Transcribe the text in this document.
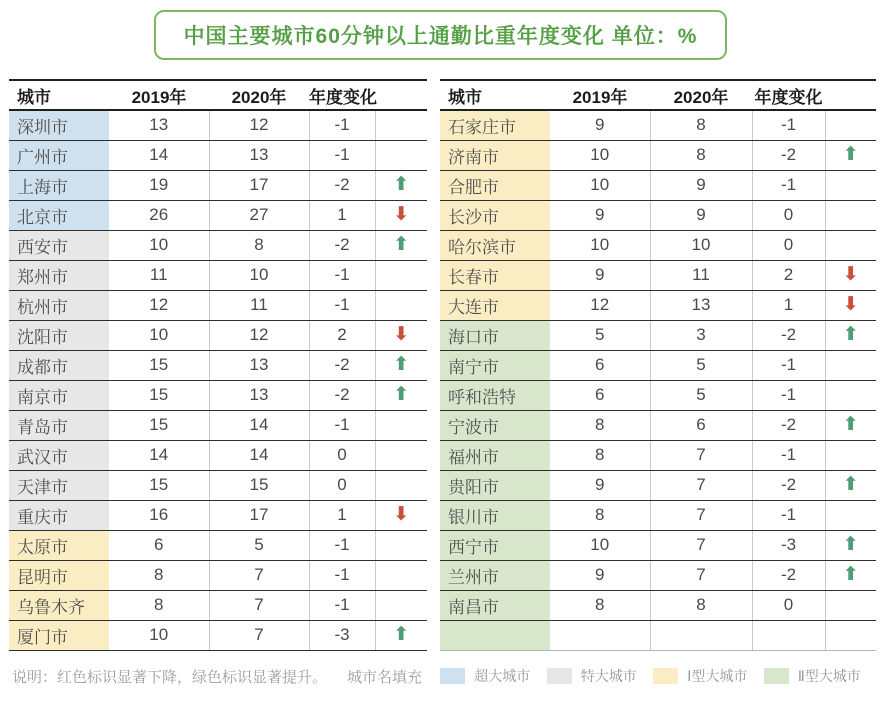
中国主要城市60分钟以上通勤比重年度变化 单位：%
城市	2019年	2020年	年度变化	
深圳市	13	12	-1	
广州市	14	13	-1	
上海市	19	17	-2	⬆
北京市	26	27	1	⬇
西安市	10	8	-2	⬆
郑州市	11	10	-1	
杭州市	12	11	-1	
沈阳市	10	12	2	⬇
成都市	15	13	-2	⬆
南京市	15	13	-2	⬆
青岛市	15	14	-1	
武汉市	14	14	0	
天津市	15	15	0	
重庆市	16	17	1	⬇
太原市	6	5	-1	
昆明市	8	7	-1	
乌鲁木齐	8	7	-1	
厦门市	10	7	-3	⬆
城市	2019年	2020年	年度变化	
石家庄市	9	8	-1	
济南市	10	8	-2	⬆
合肥市	10	9	-1	
长沙市	9	9	0	
哈尔滨市	10	10	0	
长春市	9	11	2	⬇
大连市	12	13	1	⬇
海口市	5	3	-2	⬆
南宁市	6	5	-1	
呼和浩特	6	5	-1	
宁波市	8	6	-2	⬆
福州市	8	7	-1	
贵阳市	9	7	-2	⬆
银川市	8	7	-1	
西宁市	10	7	-3	⬆
兰州市	9	7	-2	⬆
南昌市	8	8	0	

说明：红色标识显著下降，绿色标识显著提升。 城市名填充	超大城市	特大城市	Ⅰ型大城市	Ⅱ型大城市
